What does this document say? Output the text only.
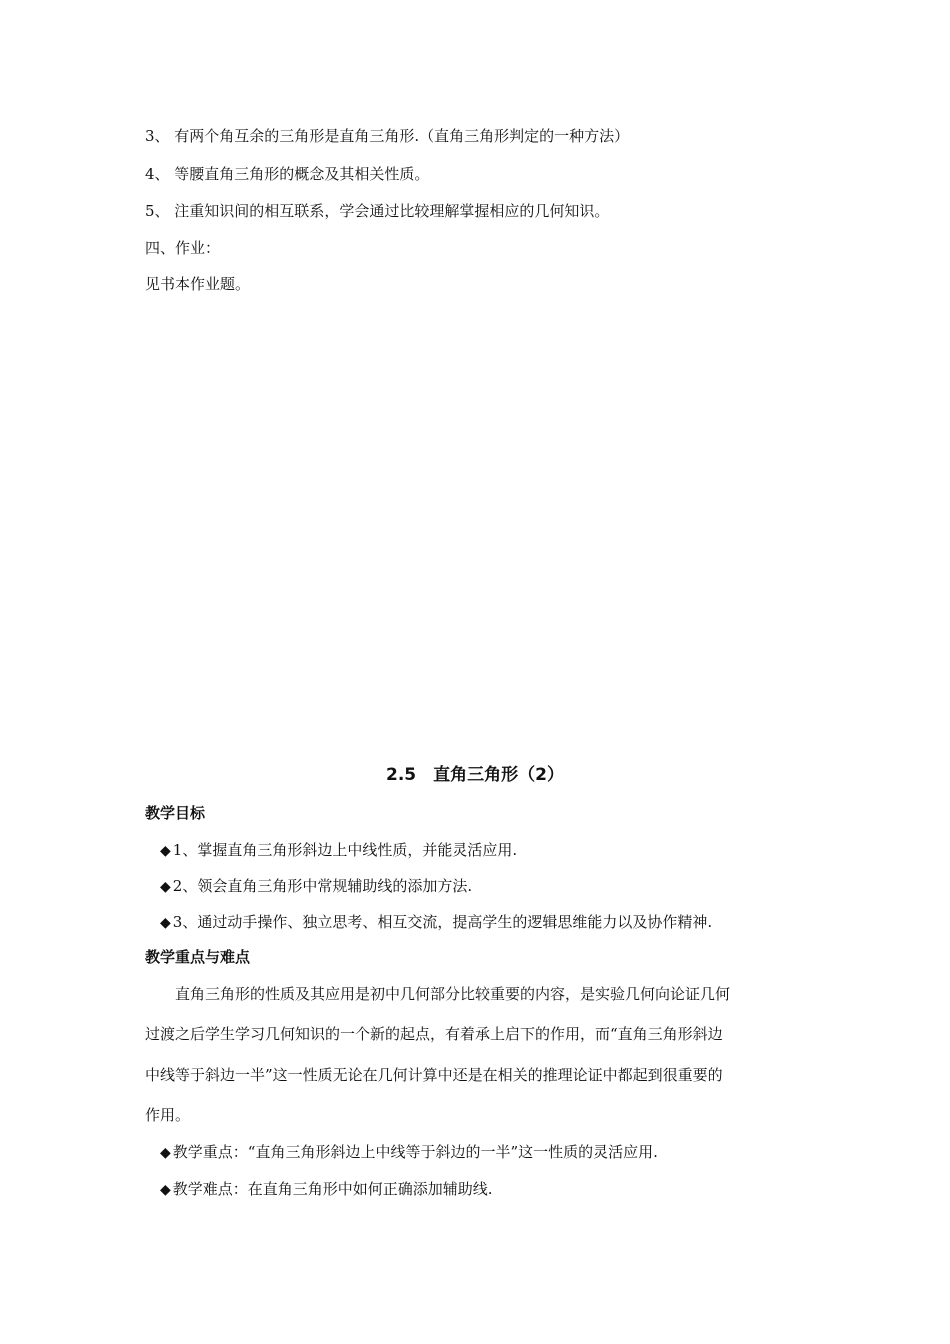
3、 有两个角互余的三角形是直角三角形.（直角三角形判定的一种方法）
4、 等腰直角三角形的概念及其相关性质。
5、 注重知识间的相互联系，学会通过比较理解掌握相应的几何知识。
四、作业：
见书本作业题。
2.5　直角三角形（2）
教学目标
◆ 1、掌握直角三角形斜边上中线性质，并能灵活应用.
◆ 2、领会直角三角形中常规辅助线的添加方法.
◆ 3、通过动手操作、独立思考、相互交流，提高学生的逻辑思维能力以及协作精神.
教学重点与难点
直角三角形的性质及其应用是初中几何部分比较重要的内容，是实验几何向论证几何
过渡之后学生学习几何知识的一个新的起点，有着承上启下的作用，而“直角三角形斜边
中线等于斜边一半”这一性质无论在几何计算中还是在相关的推理论证中都起到很重要的
作用。
◆ 教学重点：“直角三角形斜边上中线等于斜边的一半”这一性质的灵活应用.
◆ 教学难点：在直角三角形中如何正确添加辅助线.
